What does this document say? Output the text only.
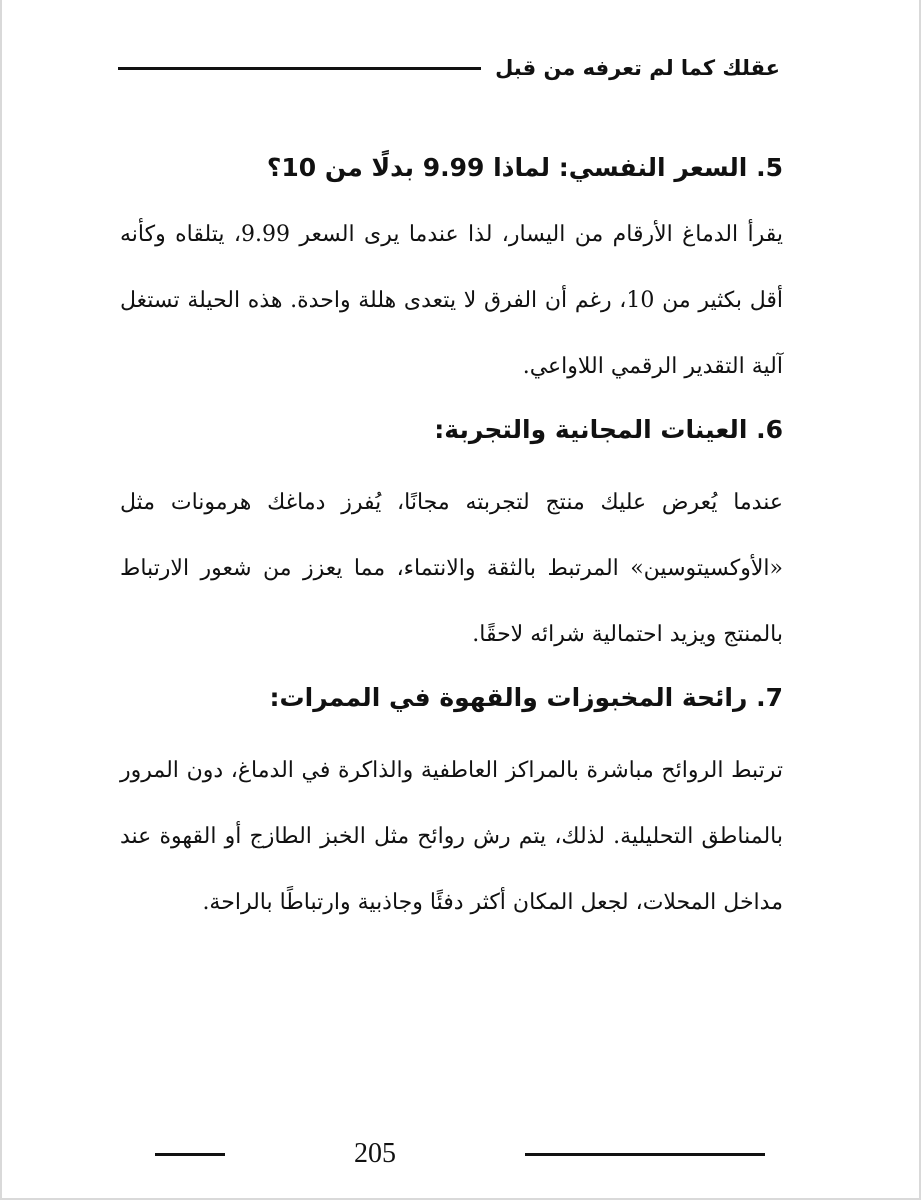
عقلك كما لم تعرفه من قبل
5. السعر النفسي: لماذا 9.99 بدلًا من 10؟

يقرأ الدماغ الأرقام من اليسار، لذا عندما يرى السعر 9.99، يتلقاه وكأنه أقل بكثير من 10، رغم أن الفرق لا يتعدى هللة واحدة. هذه الحيلة تستغل آلية التقدير الرقمي اللاواعي.

6. العينات المجانية والتجربة:

عندما يُعرض عليك منتج لتجربته مجانًا، يُفرز دماغك هرمونات مثل «الأوكسيتوسين» المرتبط بالثقة والانتماء، مما يعزز من شعور الارتباط بالمنتج ويزيد احتمالية شرائه لاحقًا.

7. رائحة المخبوزات والقهوة في الممرات:

ترتبط الروائح مباشرة بالمراكز العاطفية والذاكرة في الدماغ، دون المرور بالمناطق التحليلية. لذلك، يتم رش روائح مثل الخبز الطازج أو القهوة عند مداخل المحلات، لجعل المكان أكثر دفئًا وجاذبية وارتباطًا بالراحة.

205
